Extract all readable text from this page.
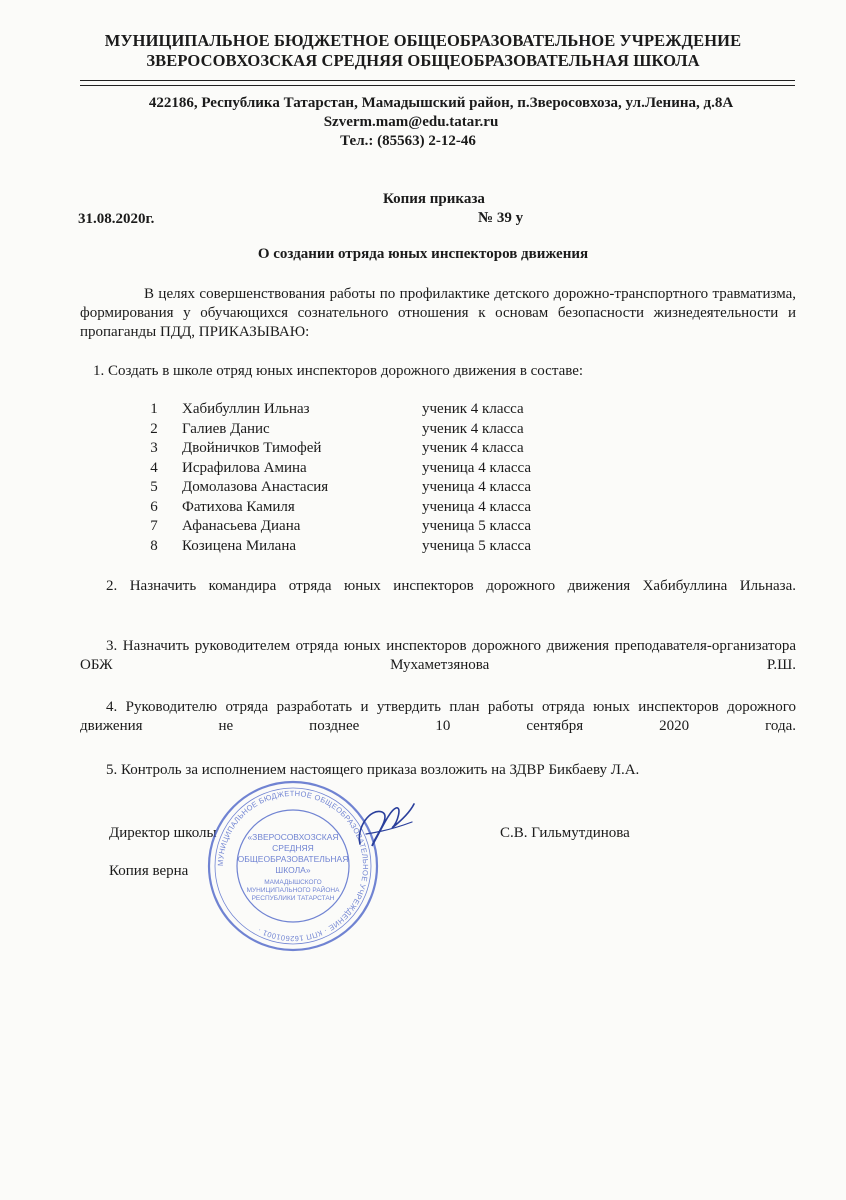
МУНИЦИПАЛЬНОЕ БЮДЖЕТНОЕ ОБЩЕОБРАЗОВАТЕЛЬНОЕ УЧРЕЖДЕНИЕ
ЗВЕРОСОВХОЗСКАЯ СРЕДНЯЯ ОБЩЕОБРАЗОВАТЕЛЬНАЯ ШКОЛА
422186, Республика Татарстан, Мамадышский район, п.Зверосовхоза, ул.Ленина, д.8А
Szverm.mam@edu.tatar.ru
Тел.: (85563) 2-12-46
Копия приказа
31.08.2020г.	№ 39 у
О создании отряда юных инспекторов движения
В целях совершенствования работы по профилактике детского дорожно-транспортного травматизма, формирования у обучающихся сознательного отношения к основам безопасности жизнедеятельности и пропаганды ПДД, ПРИКАЗЫВАЮ:
1. Создать в школе отряд юных инспекторов дорожного движения в составе:
1	Хабибуллин Ильназ	ученик 4 класса
2	Галиев Данис	ученик 4 класса
3	Двойничков Тимофей	ученик 4 класса
4	Исрафилова Амина	ученица 4 класса
5	Домолазова Анастасия	ученица 4 класса
6	Фатихова Камиля	ученица 4 класса
7	Афанасьева Диана	ученица 5 класса
8	Козицена Милана	ученица 5 класса
2. Назначить командира отряда юных инспекторов дорожного движения Хабибуллина Ильназа.
3. Назначить руководителем отряда юных инспекторов дорожного движения преподавателя-организатора ОБЖ Мухаметзянова Р.Ш.
4. Руководителю отряда разработать и утвердить план работы отряда юных инспекторов дорожного движения не позднее 10 сентября 2020 года.
5. Контроль за исполнением настоящего приказа возложить на ЗДВР Бикбаеву Л.А.
Директор школы	С.В. Гильмутдинова
Копия верна
МУНИЦИПАЛЬНОЕ БЮДЖЕТНОЕ ОБЩЕОБРАЗОВАТЕЛЬНОЕ УЧРЕЖДЕНИЕ · КПП 162601001 ·
«ЗВЕРОСОВХОЗСКАЯ
СРЕДНЯЯ
ОБЩЕОБРАЗОВАТЕЛЬНАЯ
ШКОЛА»
МАМАДЫШСКОГО
МУНИЦИПАЛЬНОГО РАЙОНА
РЕСПУБЛИКИ ТАТАРСТАН
